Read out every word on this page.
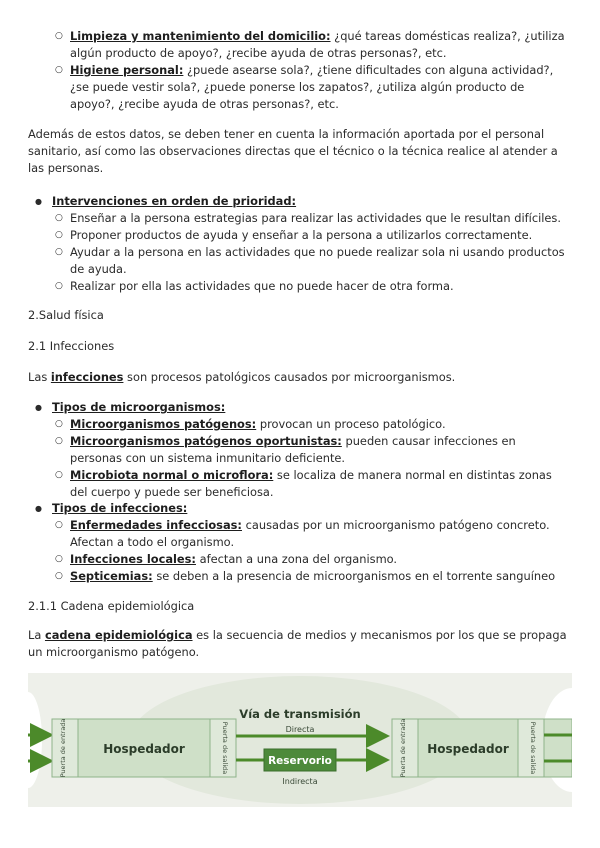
○ Limpieza y mantenimiento del domicilio: ¿qué tareas domésticas realiza?, ¿utiliza algún producto de apoyo?, ¿recibe ayuda de otras personas?, etc.
○ Higiene personal: ¿puede asearse sola?, ¿tiene dificultades con alguna actividad?, ¿se puede vestir sola?, ¿puede ponerse los zapatos?, ¿utiliza algún producto de apoyo?, ¿recibe ayuda de otras personas?, etc.
Además de estos datos, se deben tener en cuenta la información aportada por el personal sanitario, así como las observaciones directas que el técnico o la técnica realice al atender a las personas.
● Intervenciones en orden de prioridad:
○ Enseñar a la persona estrategias para realizar las actividades que le resultan difíciles.
○ Proponer productos de ayuda y enseñar a la persona a utilizarlos correctamente.
○ Ayudar a la persona en las actividades que no puede realizar sola ni usando productos de ayuda.
○ Realizar por ella las actividades que no puede hacer de otra forma.
2.Salud física
2.1 Infecciones
Las infecciones son procesos patológicos causados por microorganismos.
● Tipos de microorganismos:
○ Microorganismos patógenos: provocan un proceso patológico.
○ Microorganismos patógenos oportunistas: pueden causar infecciones en personas con un sistema inmunitario deficiente.
○ Microbiota normal o microflora: se localiza de manera normal en distintas zonas del cuerpo y puede ser beneficiosa.
● Tipos de infecciones:
○ Enfermedades infecciosas: causadas por un microorganismo patógeno concreto. Afectan a todo el organismo.
○ Infecciones locales: afectan a una zona del organismo.
○ Septicemias: se deben a la presencia de microorganismos en el torrente sanguíneo
2.1.1 Cadena epidemiológica
La cadena epidemiológica es la secuencia de medios y mecanismos por los que se propaga un microorganismo patógeno.
Hospedador
Puerta de entrada	Puerta de salida
Vía de transmisión
Directa
Reservorio
Indirecta
Hospedador
Puerta de entrada	Puerta de salida
